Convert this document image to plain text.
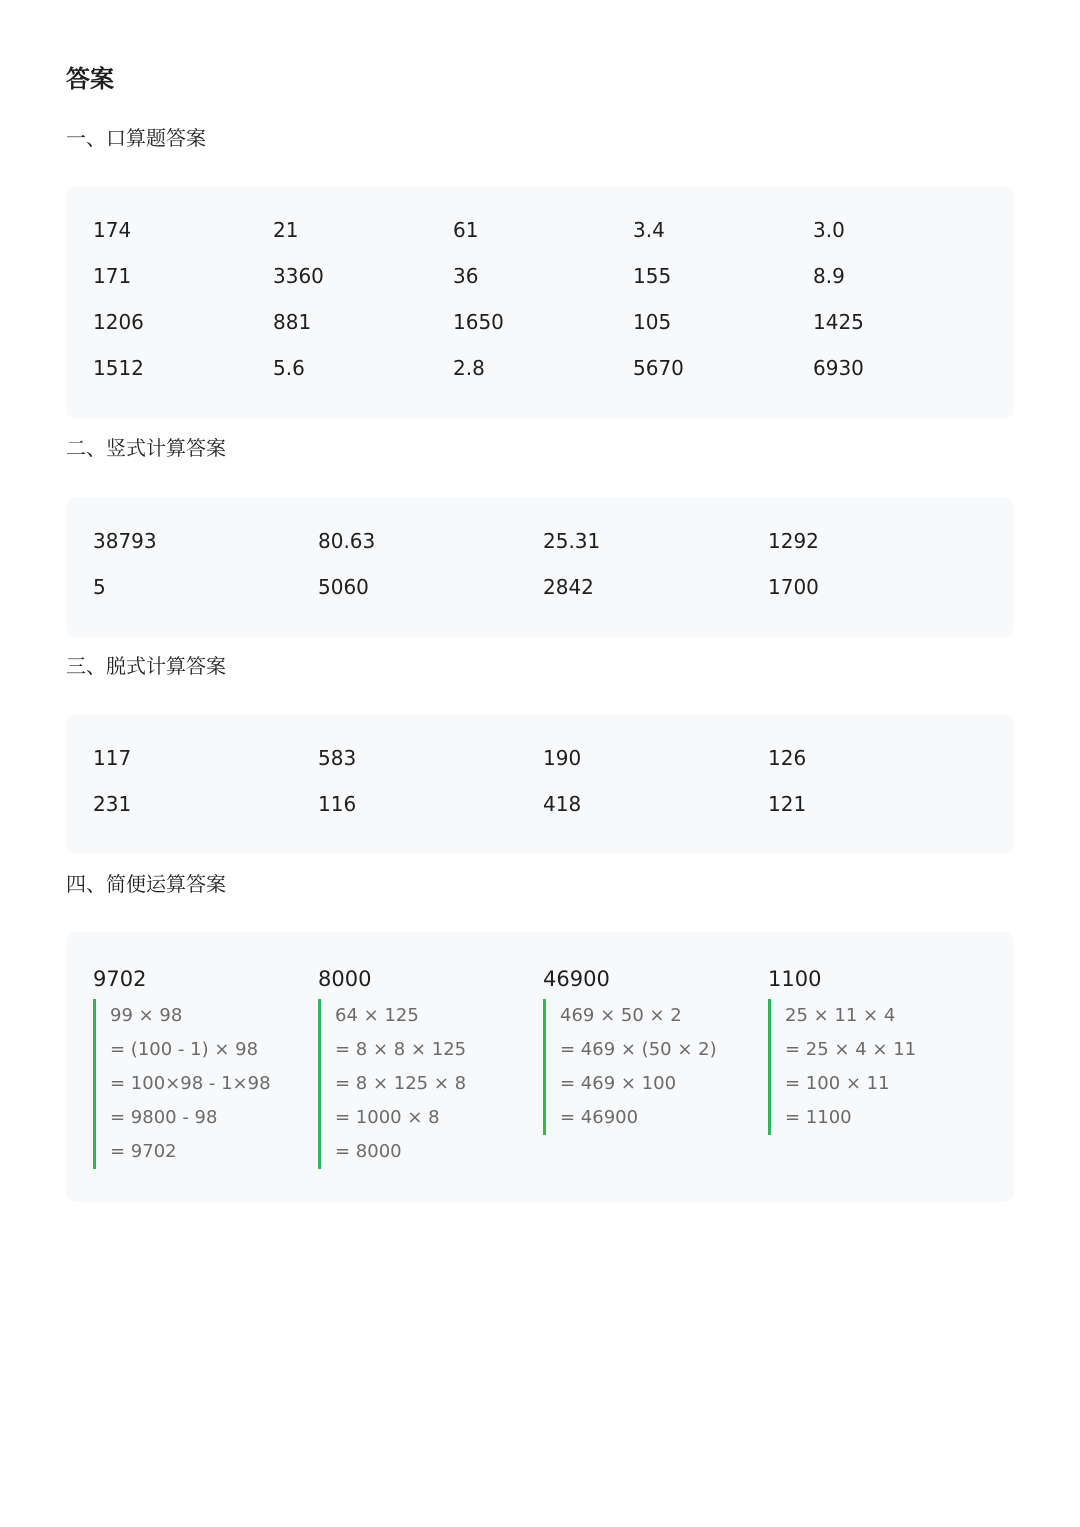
答案
一、口算题答案
174	21	61	3.4	3.0
171	3360	36	155	8.9
1206	881	1650	105	1425
1512	5.6	2.8	5670	6930
二、竖式计算答案
38793	80.63	25.31	1292
5	5060	2842	1700
三、脱式计算答案
117	583	190	126
231	116	418	121
四、简便运算答案
9702
99 × 98
= (100 - 1) × 98
= 100×98 - 1×98
= 9800 - 98
= 9702
8000
64 × 125
= 8 × 8 × 125
= 8 × 125 × 8
= 1000 × 8
= 8000
46900
469 × 50 × 2
= 469 × (50 × 2)
= 469 × 100
= 46900
1100
25 × 11 × 4
= 25 × 4 × 11
= 100 × 11
= 1100
